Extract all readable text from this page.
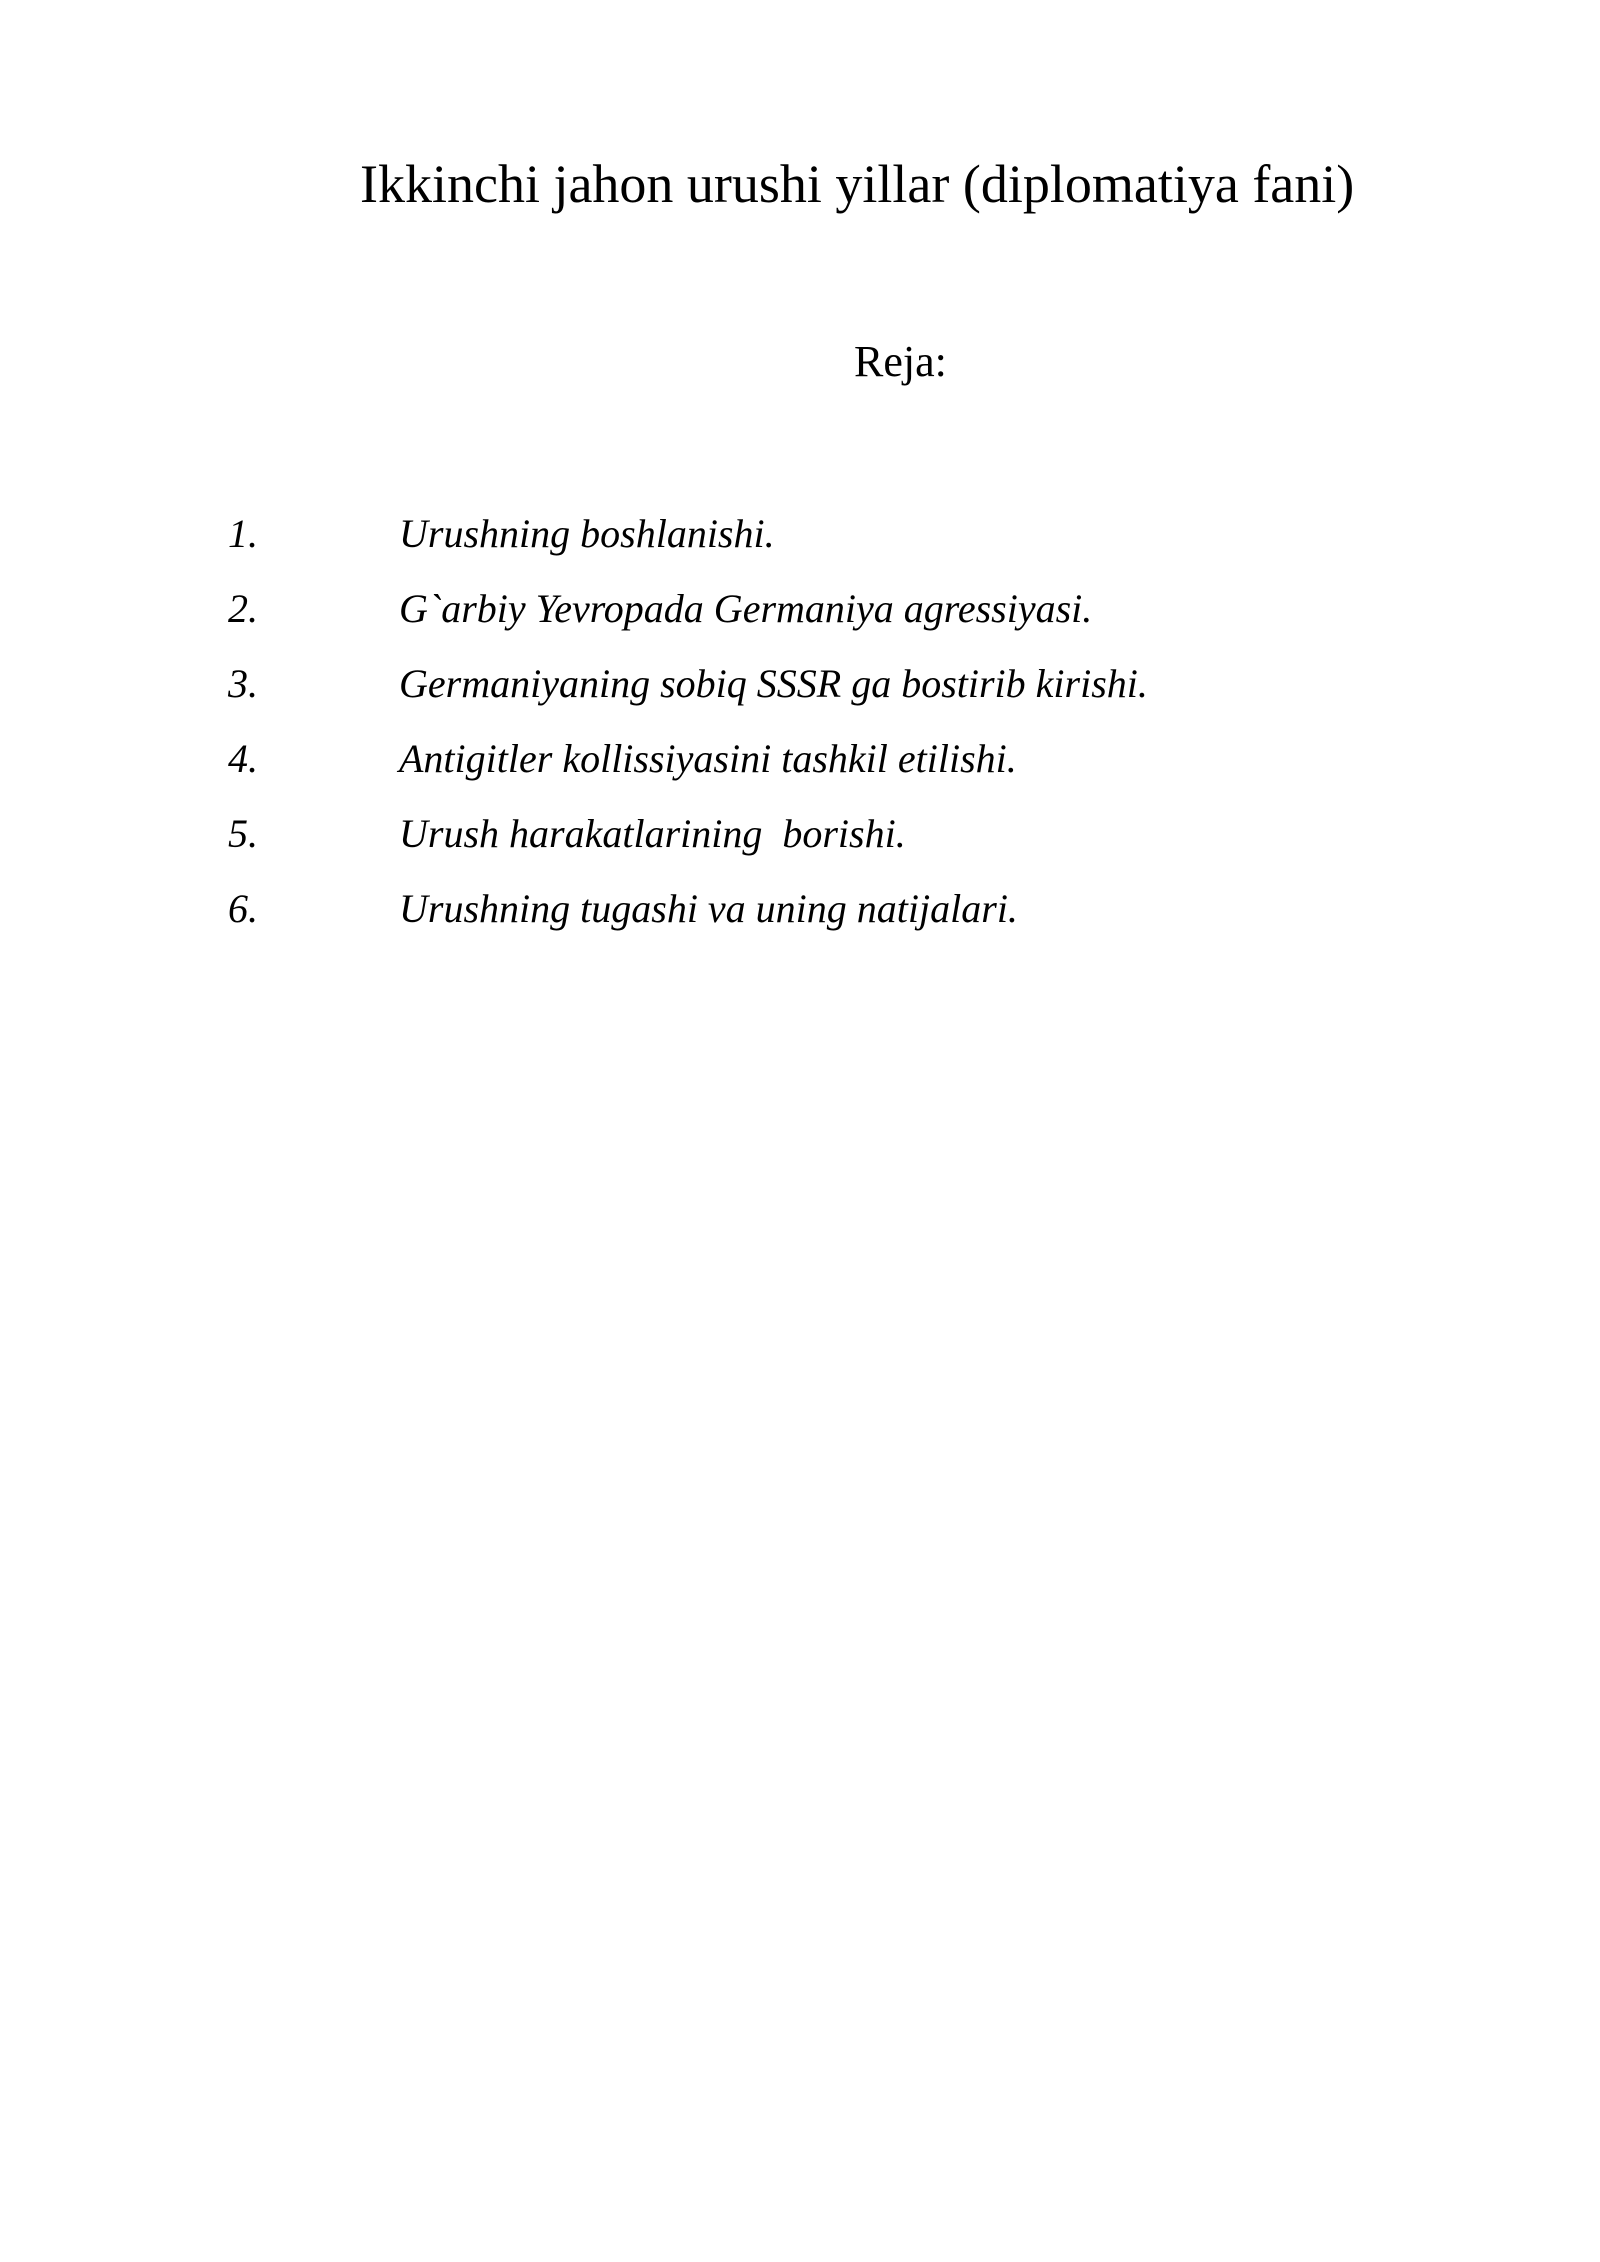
Ikkinchi jahon urushi yillar (diplomatiya fani)
Reja:

1.

	Urushning boshlanishi.

2.

	G`arbiy Yevropada Germaniya agressiyasi.

3.

	Germaniyaning sobiq SSSR ga bostirib kirishi.

4.

	Antigitler kollissiyasini tashkil etilishi.

5.

	Urush harakatlarining  borishi.

6.

	Urushning tugashi va uning natijalari.
